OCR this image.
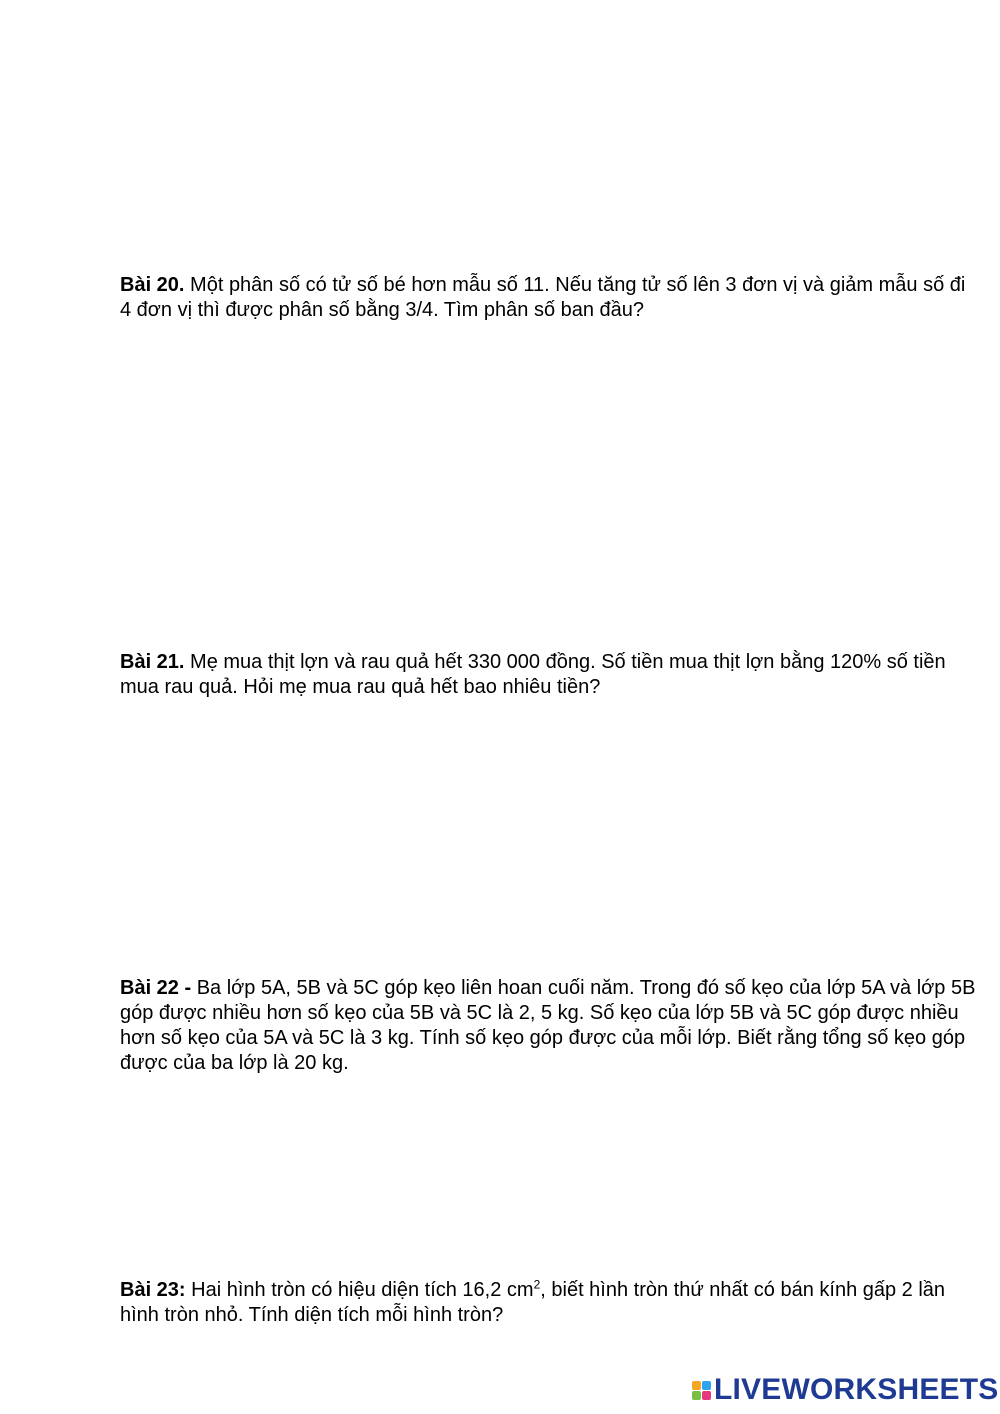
Bài 20. Một phân số có tử số bé hơn mẫu số 11. Nếu tăng tử số lên 3 đơn vị và giảm mẫu số đi 4 đơn vị thì được phân số bằng 3/4. Tìm phân số ban đầu?
Bài 21. Mẹ mua thịt lợn và rau quả hết 330 000 đồng. Số tiền mua thịt lợn bằng 120% số tiền mua rau quả. Hỏi mẹ mua rau quả hết bao nhiêu tiền?
Bài 22 - Ba lớp 5A, 5B và 5C góp kẹo liên hoan cuối năm. Trong đó số kẹo của lớp 5A và lớp 5B góp được nhiều hơn số kẹo của 5B và 5C là 2, 5 kg. Số kẹo của lớp 5B và 5C góp được nhiều hơn số kẹo của 5A và 5C là 3 kg. Tính số kẹo góp được của mỗi lớp. Biết rằng tổng số kẹo góp được của ba lớp là 20 kg.
Bài 23: Hai hình tròn có hiệu diện tích 16,2 $cm^2$, biết hình tròn thứ nhất có bán kính gấp 2 lần hình tròn nhỏ. Tính diện tích mỗi hình tròn?
LIVEWORKSHEETS
